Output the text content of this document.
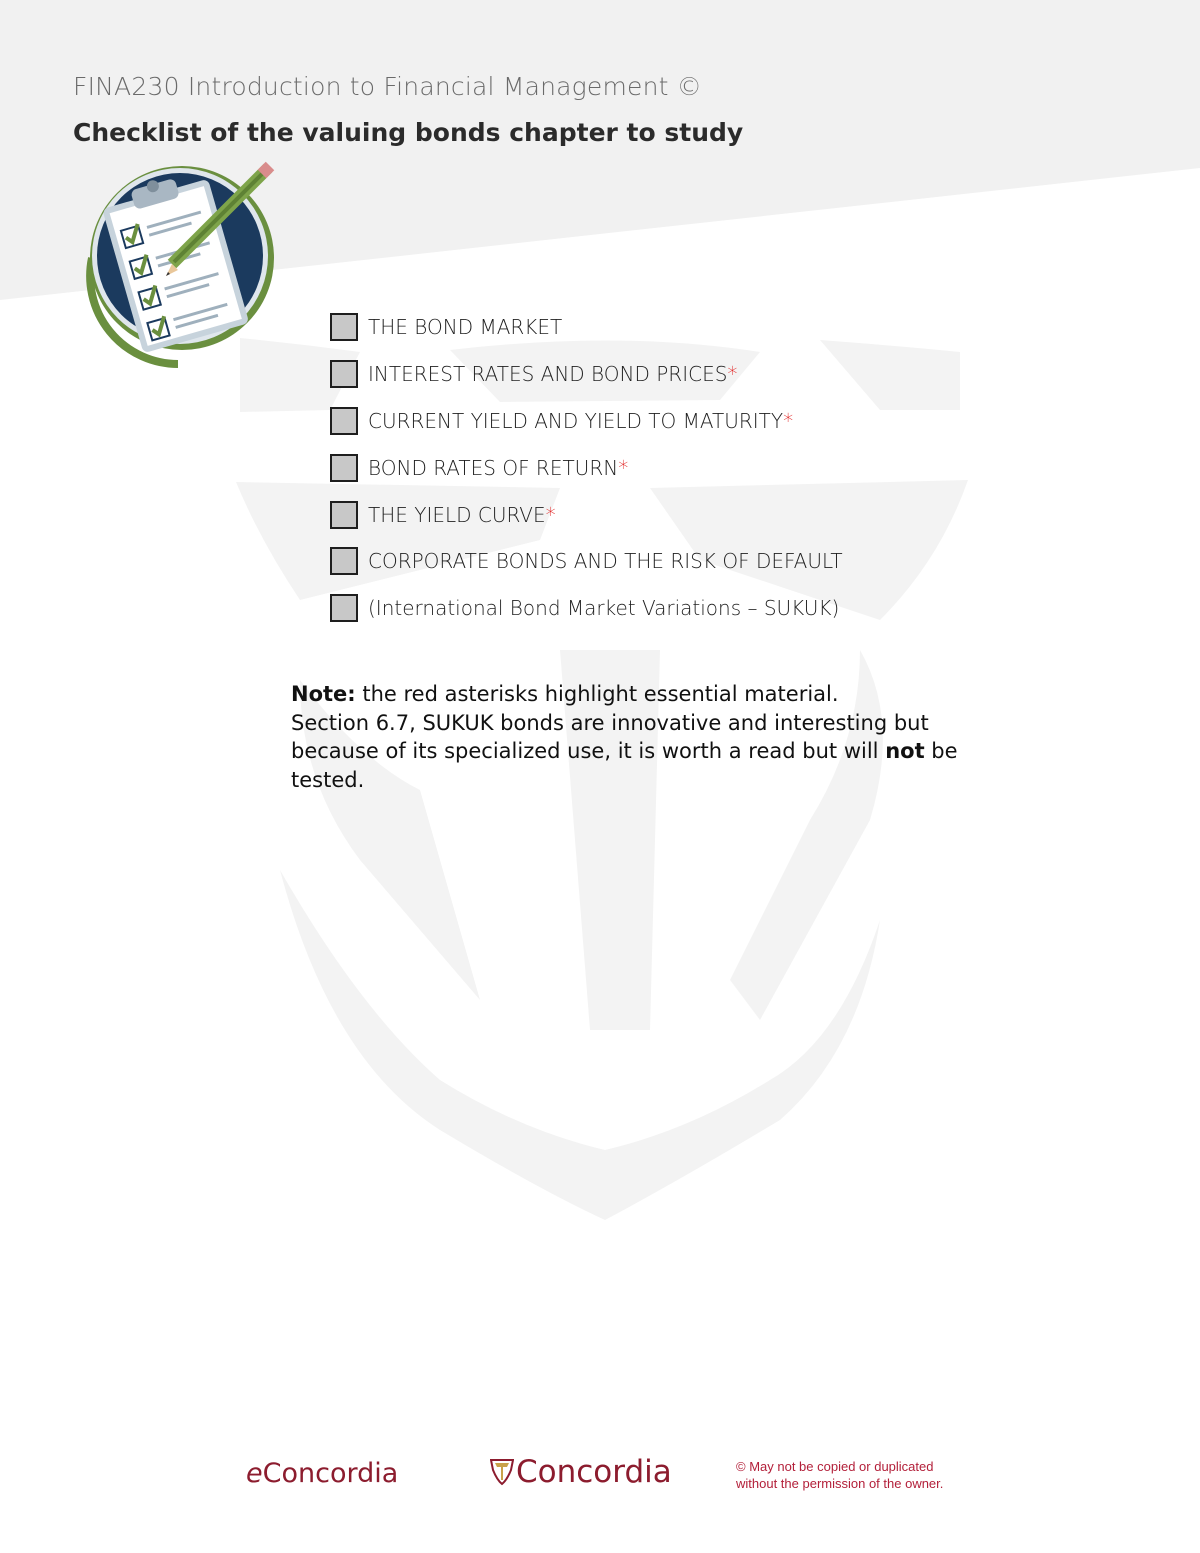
FINA230 Introduction to Financial Management ©
Checklist of the valuing bonds chapter to study
THE BOND MARKET
INTEREST RATES AND BOND PRICES*
CURRENT YIELD AND YIELD TO MATURITY*
BOND RATES OF RETURN*
THE YIELD CURVE*
CORPORATE BONDS AND THE RISK OF DEFAULT
(International Bond Market Variations – SUKUK)

Note: the red asterisks highlight essential material.

Section 6.7, SUKUK bonds are innovative and interesting but because of its specialized use, it is worth a read but will not be tested.

eConcordia	Concordia	© May not be copied or duplicated
without the permission of the owner.
